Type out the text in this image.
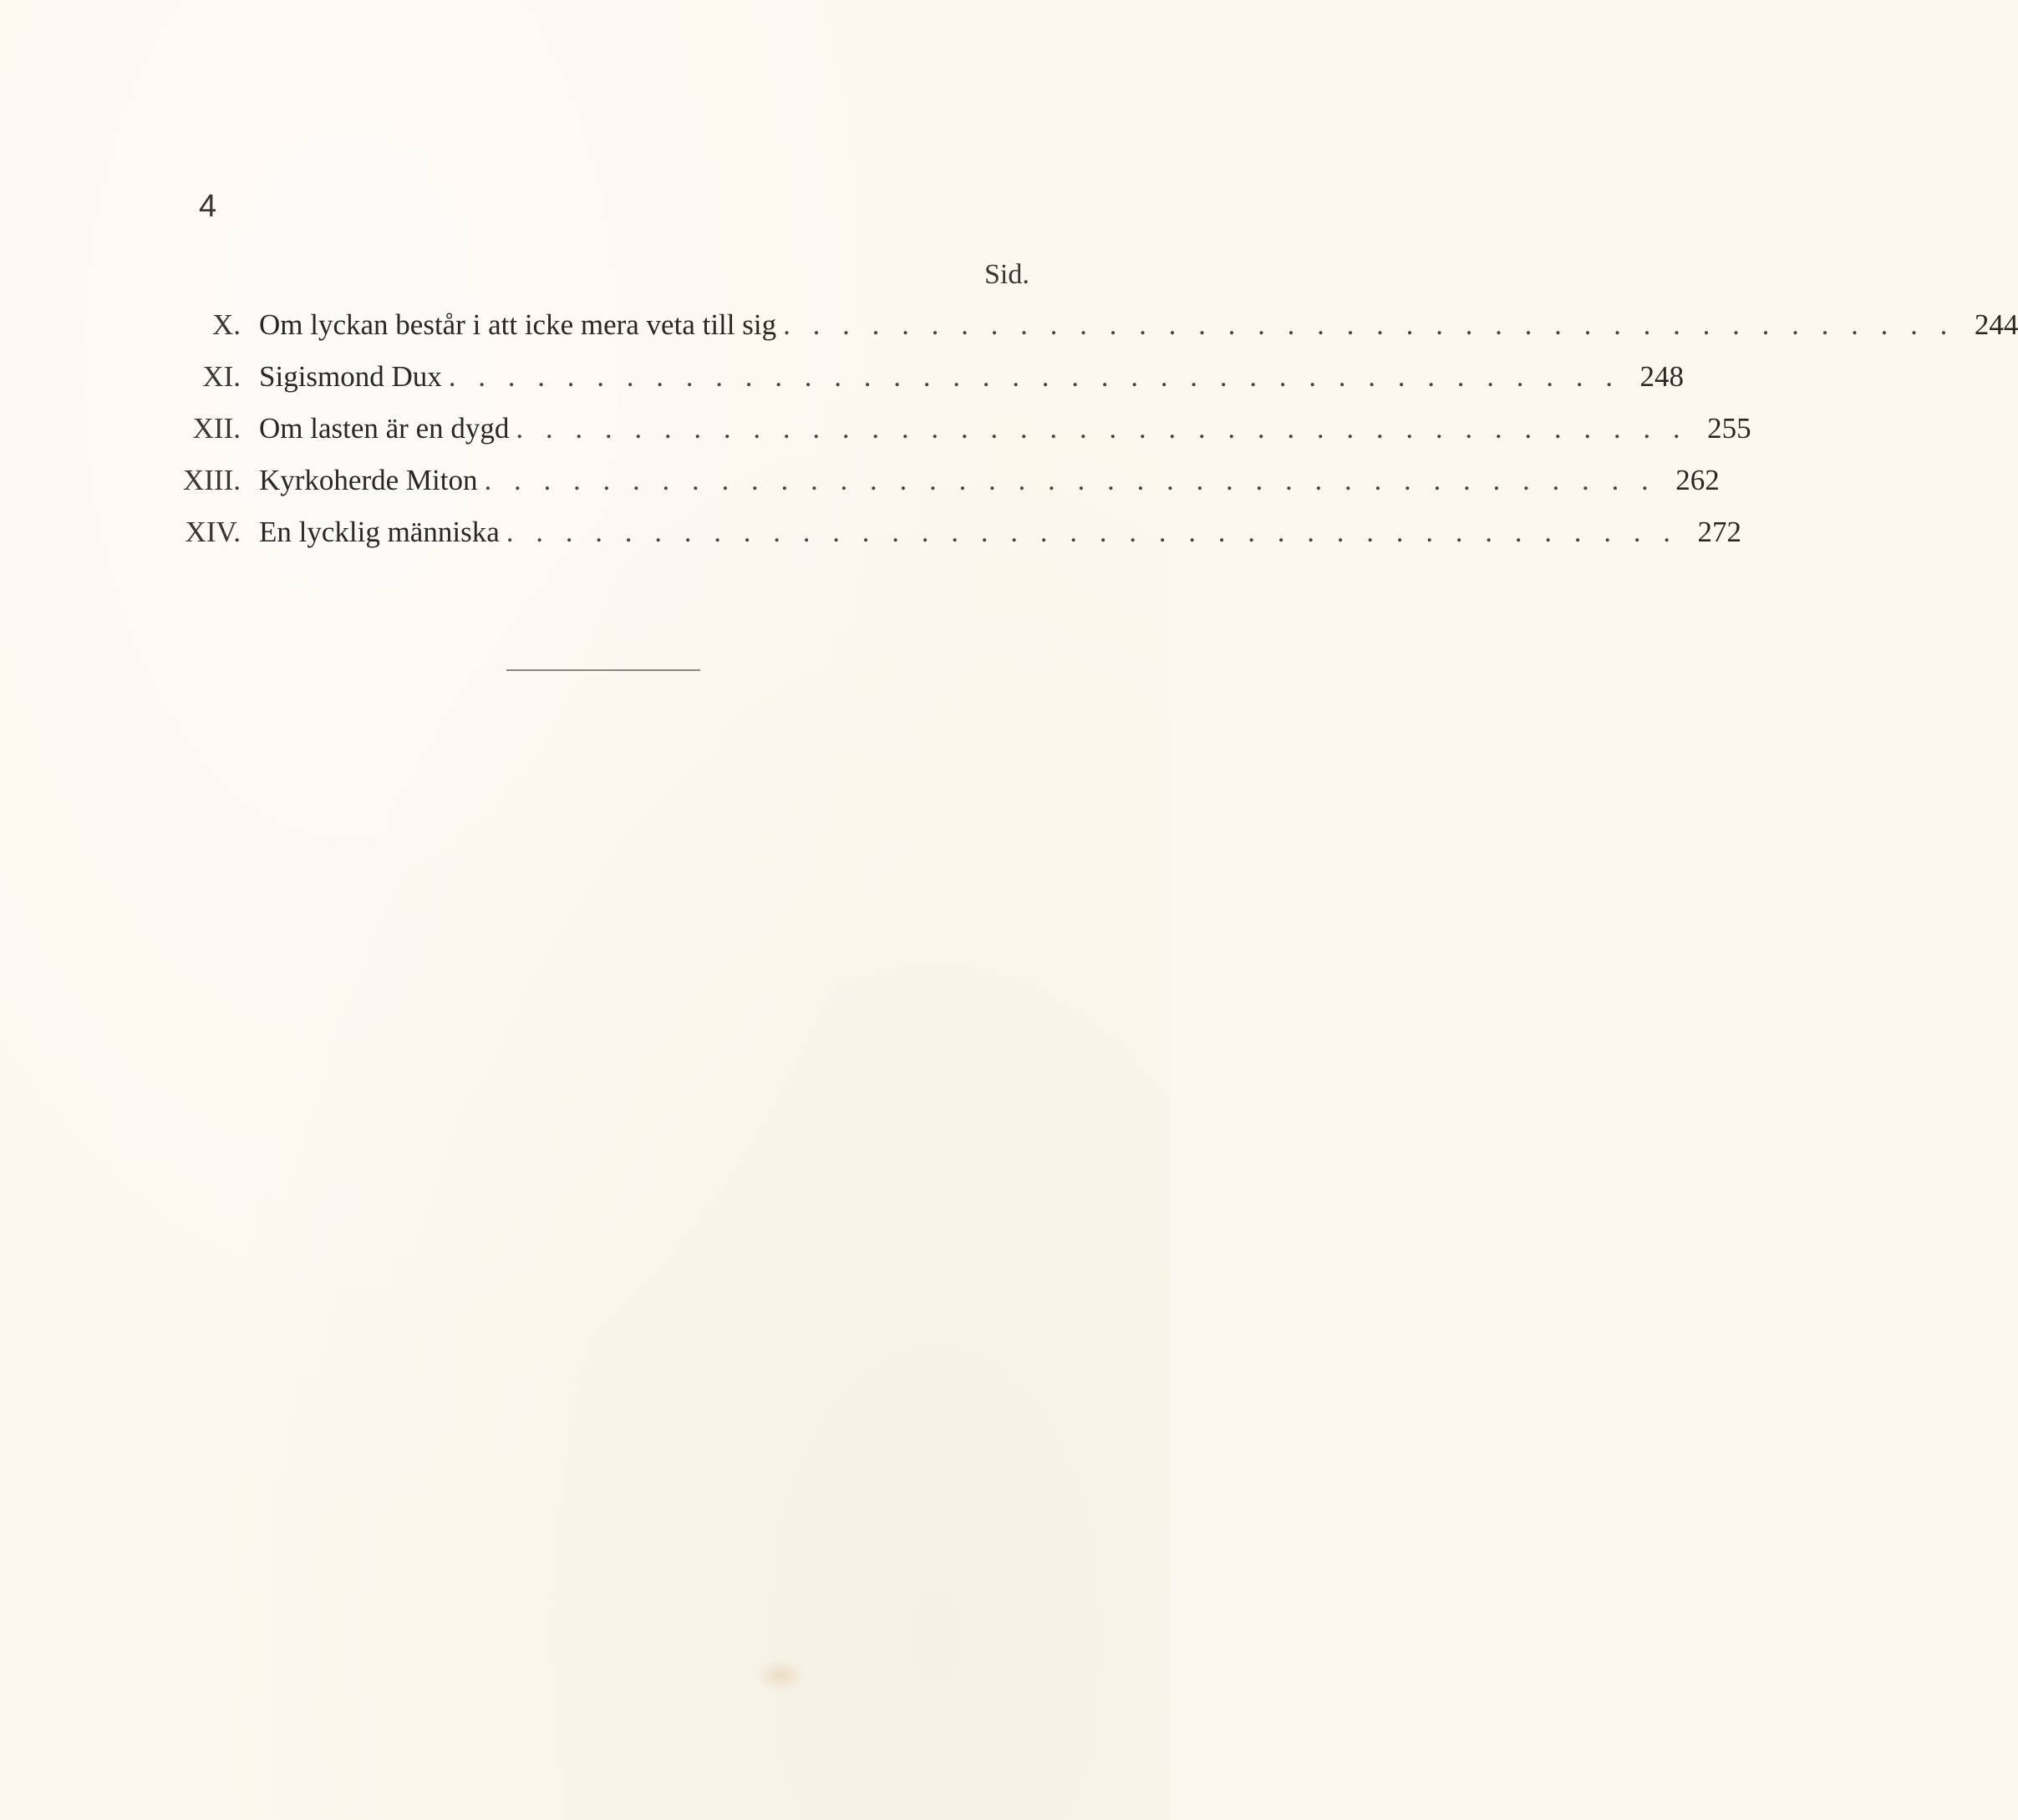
4
Sid.
X. Om lyckan består i att icke mera veta till sig . . . . . . . . . . . . . . . . . . . . . . . . . . . . . . . . . . . . . . . . 244
XI. Sigismond Dux . . . . . . . . . . . . . . . . . . . . . . . . . . . . . . . . . . . . . . . . 248
XII. Om lasten är en dygd . . . . . . . . . . . . . . . . . . . . . . . . . . . . . . . . . . . . . . . . 255
XIII. Kyrkoherde Miton . . . . . . . . . . . . . . . . . . . . . . . . . . . . . . . . . . . . . . . . 262
XIV. En lycklig människa . . . . . . . . . . . . . . . . . . . . . . . . . . . . . . . . . . . . . . . . 272
